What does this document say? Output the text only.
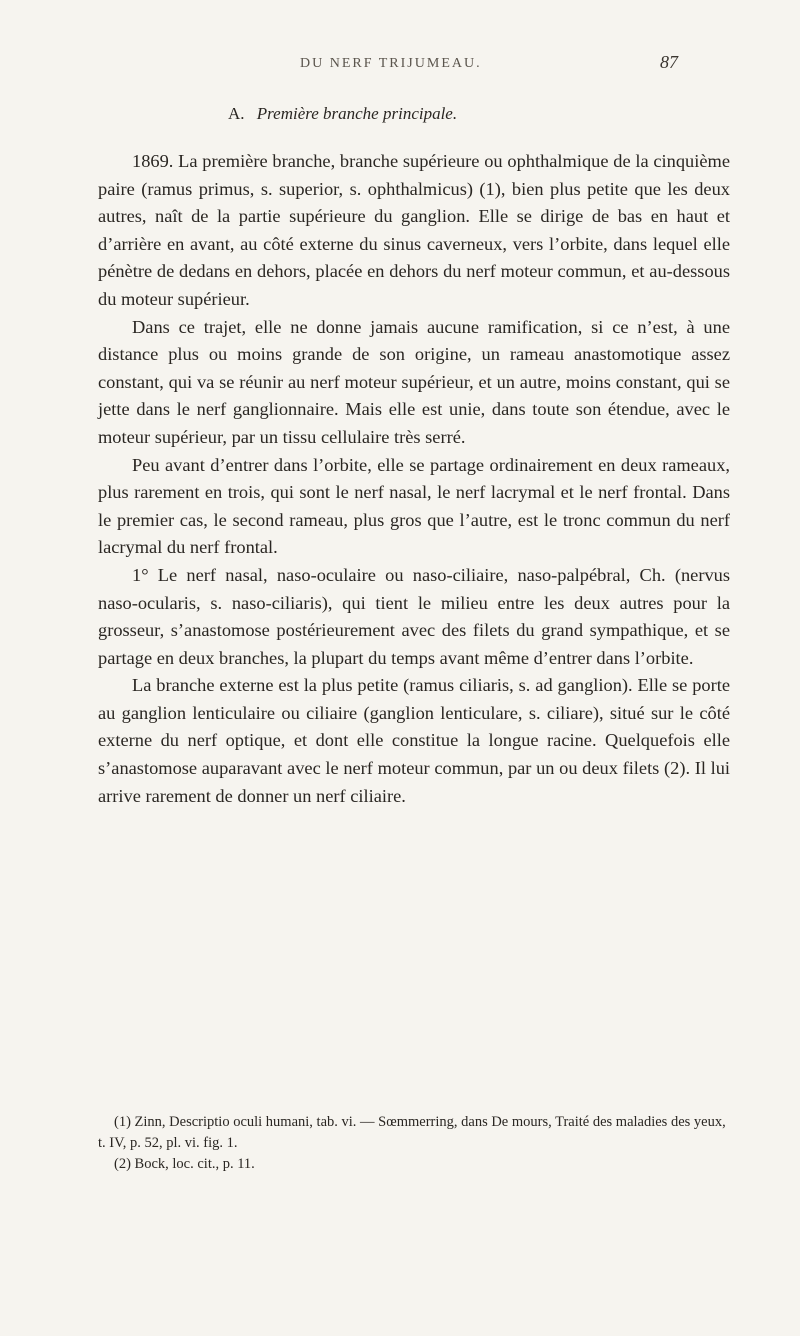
DU NERF TRIJUMEAU.	87
A. Première branche principale.

1869. La première branche, branche supérieure ou ophthalmique de la cinquième paire (ramus primus, s. superior, s. ophthalmicus) (1), bien plus petite que les deux autres, naît de la partie supérieure du ganglion. Elle se dirige de bas en haut et d’arrière en avant, au côté externe du sinus caverneux, vers l’orbite, dans lequel elle pénètre de dedans en dehors, placée en dehors du nerf moteur commun, et au-dessous du moteur supérieur.

Dans ce trajet, elle ne donne jamais aucune ramification, si ce n’est, à une distance plus ou moins grande de son origine, un rameau anastomotique assez constant, qui va se réunir au nerf moteur supérieur, et un autre, moins constant, qui se jette dans le nerf ganglionnaire. Mais elle est unie, dans toute son étendue, avec le moteur supérieur, par un tissu cellulaire très serré.

Peu avant d’entrer dans l’orbite, elle se partage ordinairement en deux rameaux, plus rarement en trois, qui sont le nerf nasal, le nerf lacrymal et le nerf frontal. Dans le premier cas, le second rameau, plus gros que l’autre, est le tronc commun du nerf lacrymal du nerf frontal.

1° Le nerf nasal, naso-oculaire ou naso-ciliaire, naso-palpébral, Ch. (nervus naso-ocularis, s. naso-ciliaris), qui tient le milieu entre les deux autres pour la grosseur, s’anastomose postérieurement avec des filets du grand sympathique, et se partage en deux branches, la plupart du temps avant même d’entrer dans l’orbite.

La branche externe est la plus petite (ramus ciliaris, s. ad ganglion). Elle se porte au ganglion lenticulaire ou ciliaire (ganglion lenticulare, s. ciliare), situé sur le côté externe du nerf optique, et dont elle constitue la longue racine. Quelquefois elle s’anastomose auparavant avec le nerf moteur commun, par un ou deux filets (2). Il lui arrive rarement de donner un nerf ciliaire.

(1) Zinn, Descriptio oculi humani, tab. vi. — Sœmmerring, dans De mours, Traité des maladies des yeux, t. IV, p. 52, pl. vi. fig. 1.

(2) Bock, loc. cit., p. 11.
